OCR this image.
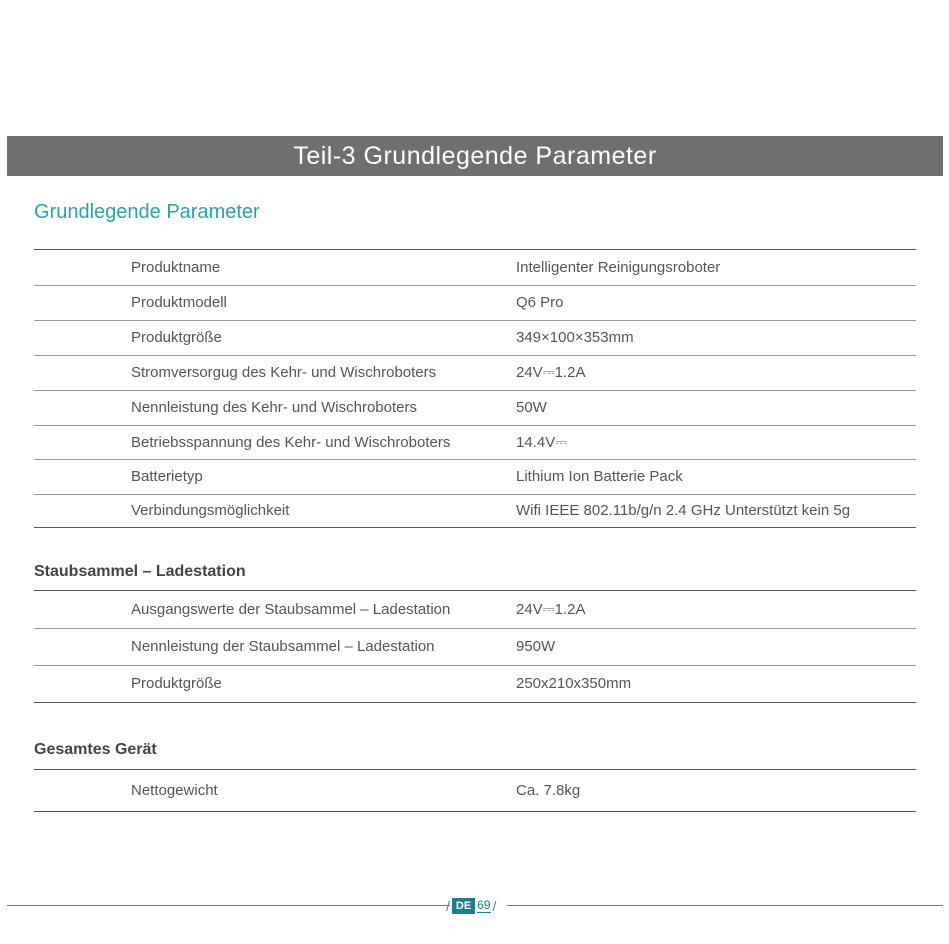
Teil-3 Grundlegende Parameter
Grundlegende Parameter
Produktname	Intelligenter Reinigungsroboter
Produktmodell	Q6 Pro
Produktgröße	349×100×353mm
Stromversorgug des Kehr- und Wischroboters	24V⎓1.2A
Nennleistung des Kehr- und Wischroboters	50W
Betriebsspannung des Kehr- und Wischroboters	14.4V⎓
Batterietyp	Lithium Ion Batterie Pack
Verbindungsmöglichkeit	Wifi IEEE 802.11b/g/n 2.4 GHz Unterstützt kein 5g
Staubsammel – Ladestation
Ausgangswerte der Staubsammel – Ladestation	24V⎓1.2A
Nennleistung der Staubsammel – Ladestation	950W
Produktgröße	250x210x350mm
Gesamtes Gerät
Nettogewicht	Ca. 7.8kg
/ DE 69 /
